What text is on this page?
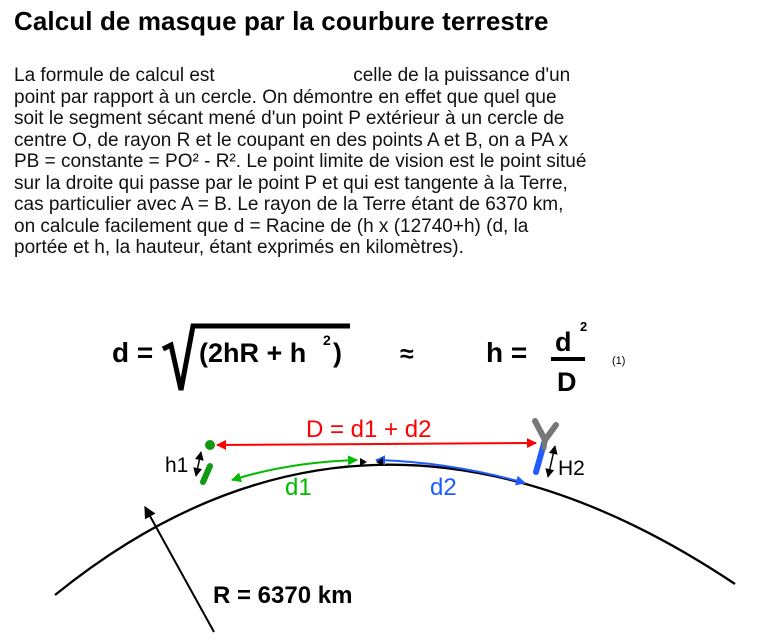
Calcul de masque par la courbure terrestre
La formule de calcul est	celle de la puissance d'un
point par rapport à un cercle. On démontre en effet que quel que
soit le segment sécant mené d'un point P extérieur à un cercle de
centre O, de rayon R et le coupant en des points A et B, on a PA x
PB = constante = PO² - R². Le point limite de vision est le point situé
sur la droite qui passe par le point P et qui est tangente à la Terre,
cas particulier avec A = B. Le rayon de la Terre étant de 6370 km,
on calcule facilement que d = Racine de (h x (12740+h) (d, la
portée et h, la hauteur, étant exprimés en kilomètres).
d = (2hR + h 2 ) ≈	h = d
2
D
(1)
D = d1 + d2
h1	H2
d1	d2
R = 6370 km
